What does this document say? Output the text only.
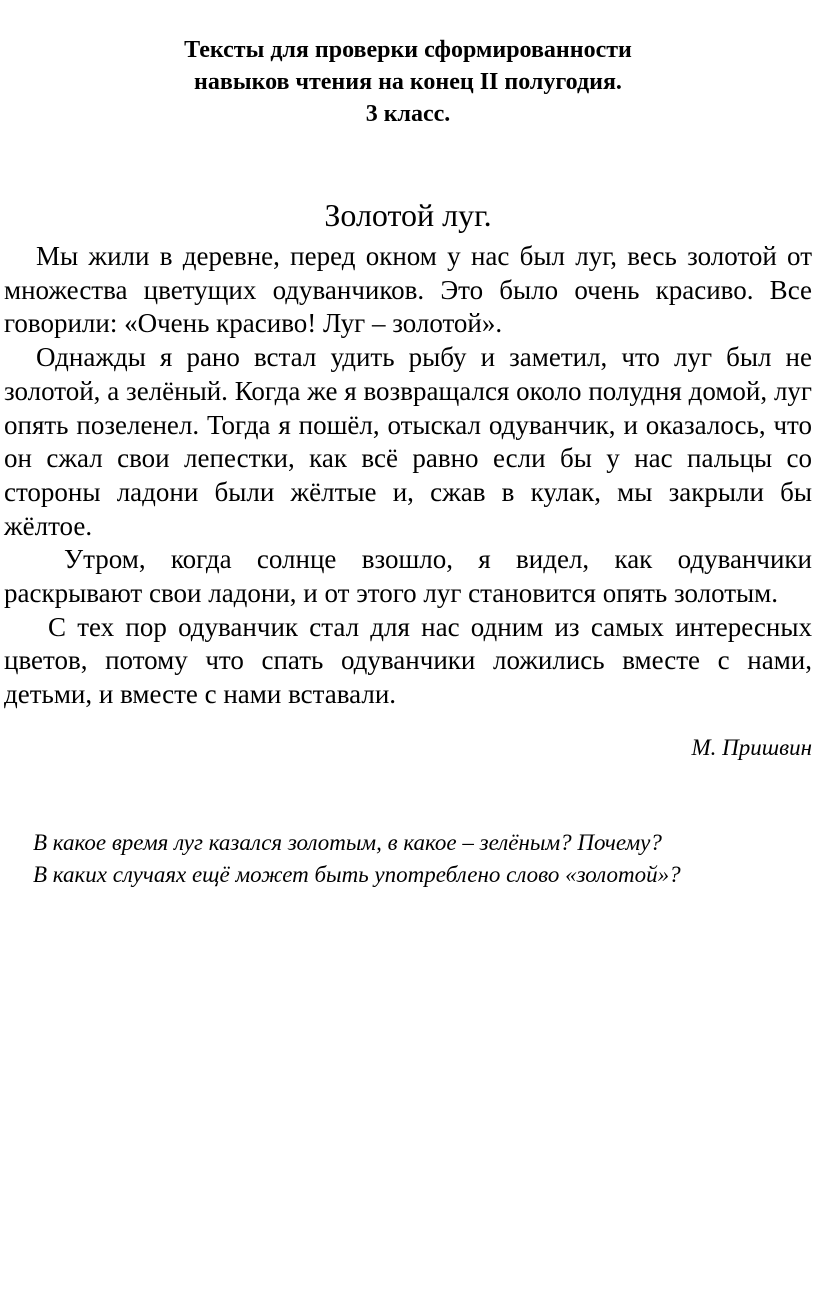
Тексты для проверки сформированности
навыков чтения на конец II полугодия.
3 класс.
Золотой луг.

Мы жили в деревне, перед окном у нас был луг, весь золотой от множества цветущих одуванчиков. Это было очень красиво. Все говорили: «Очень красиво! Луг – золотой».

Однажды я рано встал удить рыбу и заметил, что луг был не золотой, а зелёный. Когда же я возвращался около полудня домой, луг опять позеленел. Тогда я пошёл, отыскал одуванчик, и оказалось, что он сжал свои лепестки, как всё равно если бы у нас пальцы со стороны ладони были жёлтые и, сжав в кулак, мы закрыли бы жёлтое.

Утром, когда солнце взошло, я видел, как одуванчики раскрывают свои ладони, и от этого луг становится опять золотым.

С тех пор одуванчик стал для нас одним из самых интересных цветов, потому что спать одуванчики ложились вместе с нами, детьми, и вместе с нами вставали.

М. Пришвин
В какое время луг казался золотым, в какое – зелёным? Почему?
В каких случаях ещё может быть употреблено слово «золотой»?
